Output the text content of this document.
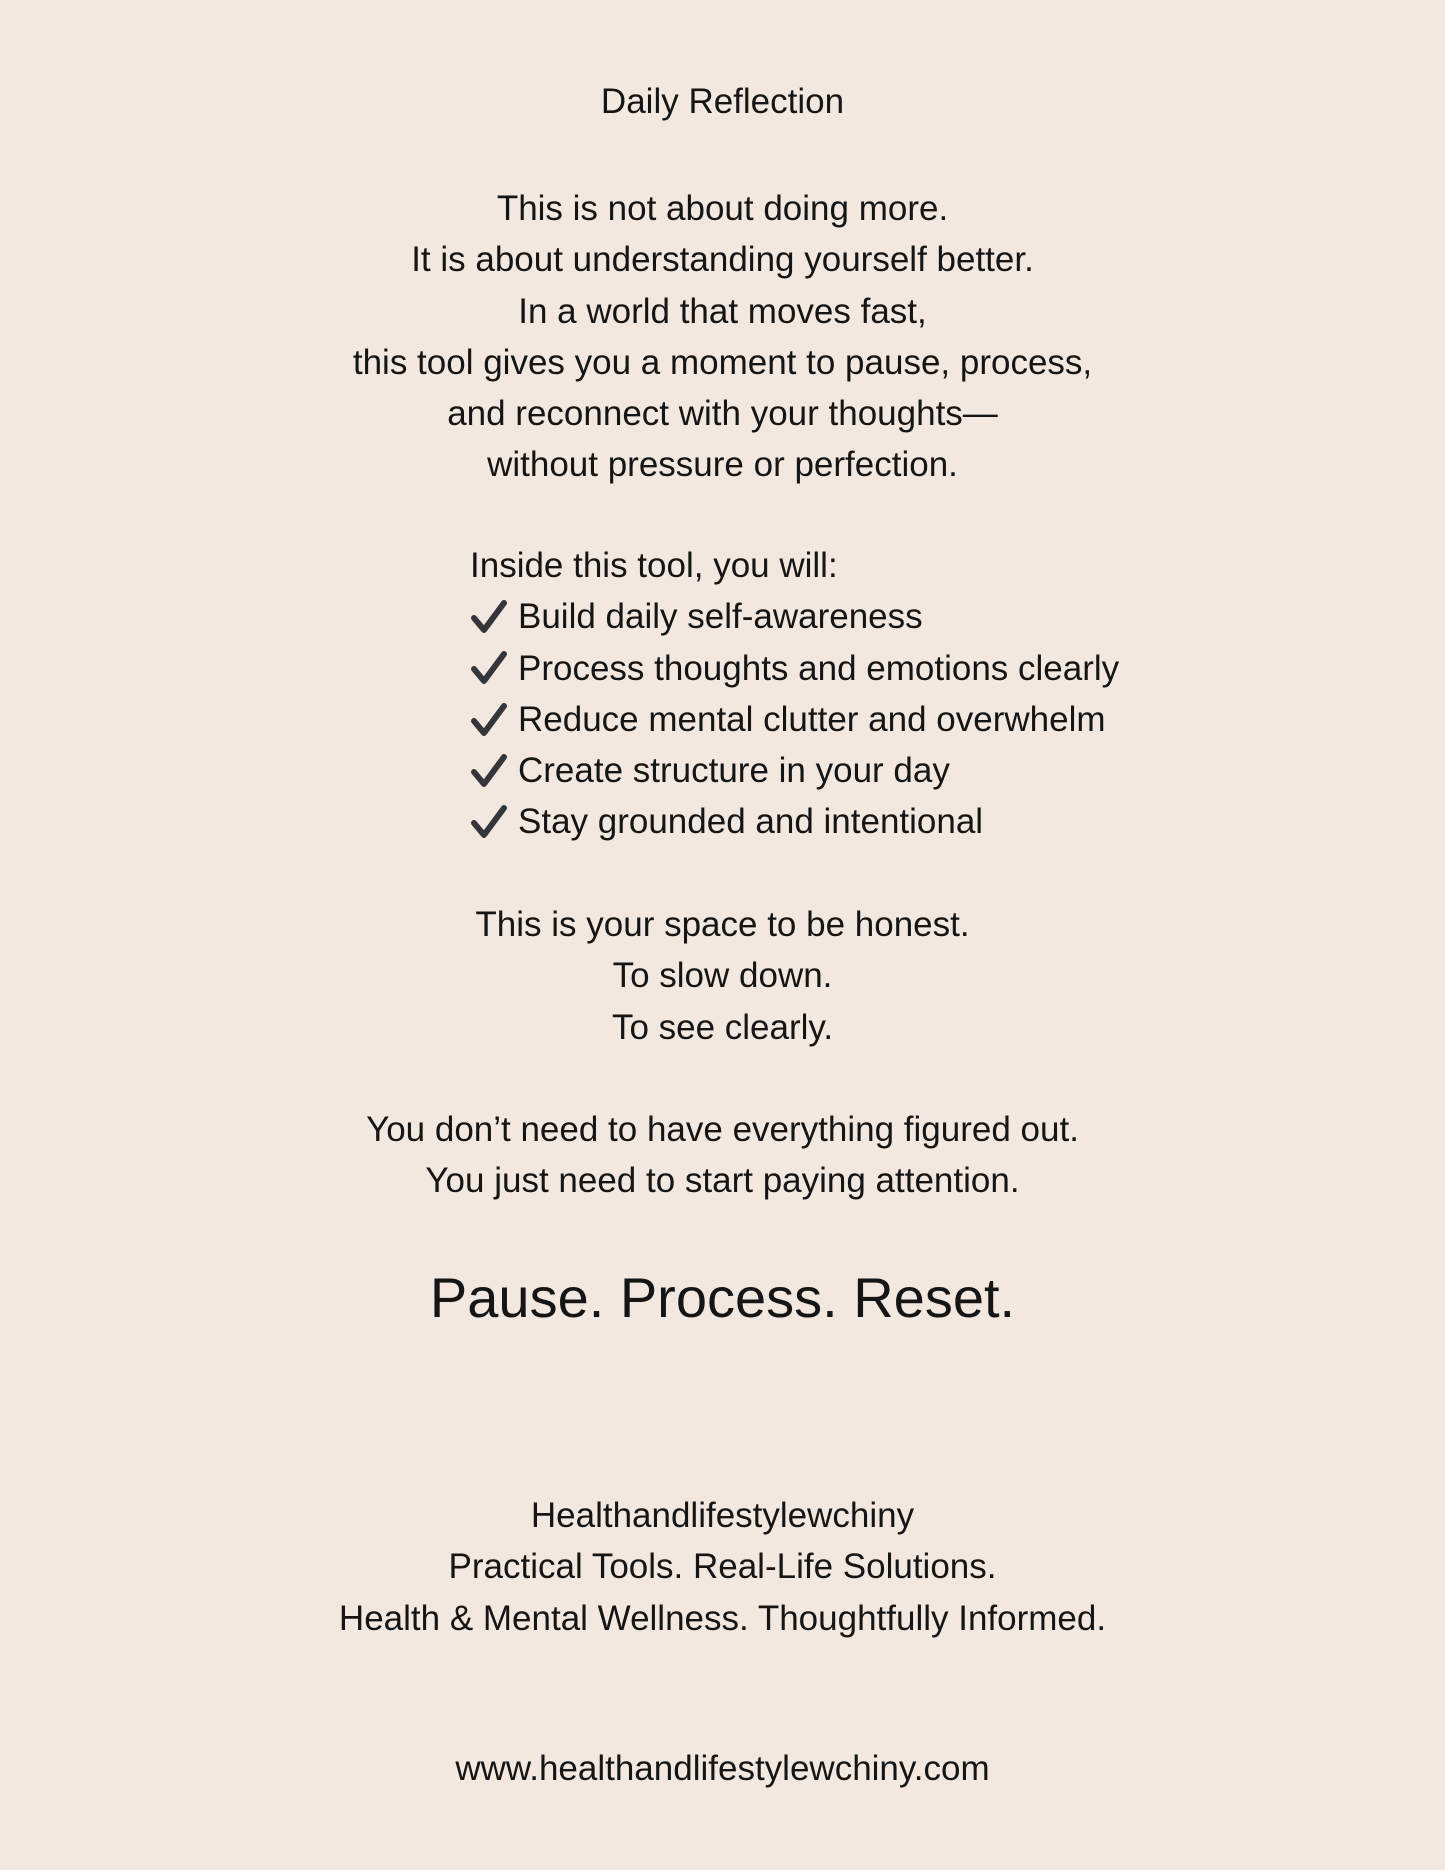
Daily Reflection
This is not about doing more.
It is about understanding yourself better.
In a world that moves fast,
this tool gives you a moment to pause, process,
and reconnect with your thoughts—
without pressure or perfection.
Inside this tool, you will:
Build daily self-awareness
Process thoughts and emotions clearly
Reduce mental clutter and overwhelm
Create structure in your day
Stay grounded and intentional
This is your space to be honest.
To slow down.
To see clearly.
You don’t need to have everything figured out.
You just need to start paying attention.
Pause. Process. Reset.
Healthandlifestylewchiny
Practical Tools. Real-Life Solutions.
Health & Mental Wellness. Thoughtfully Informed.
www.healthandlifestylewchiny.com
